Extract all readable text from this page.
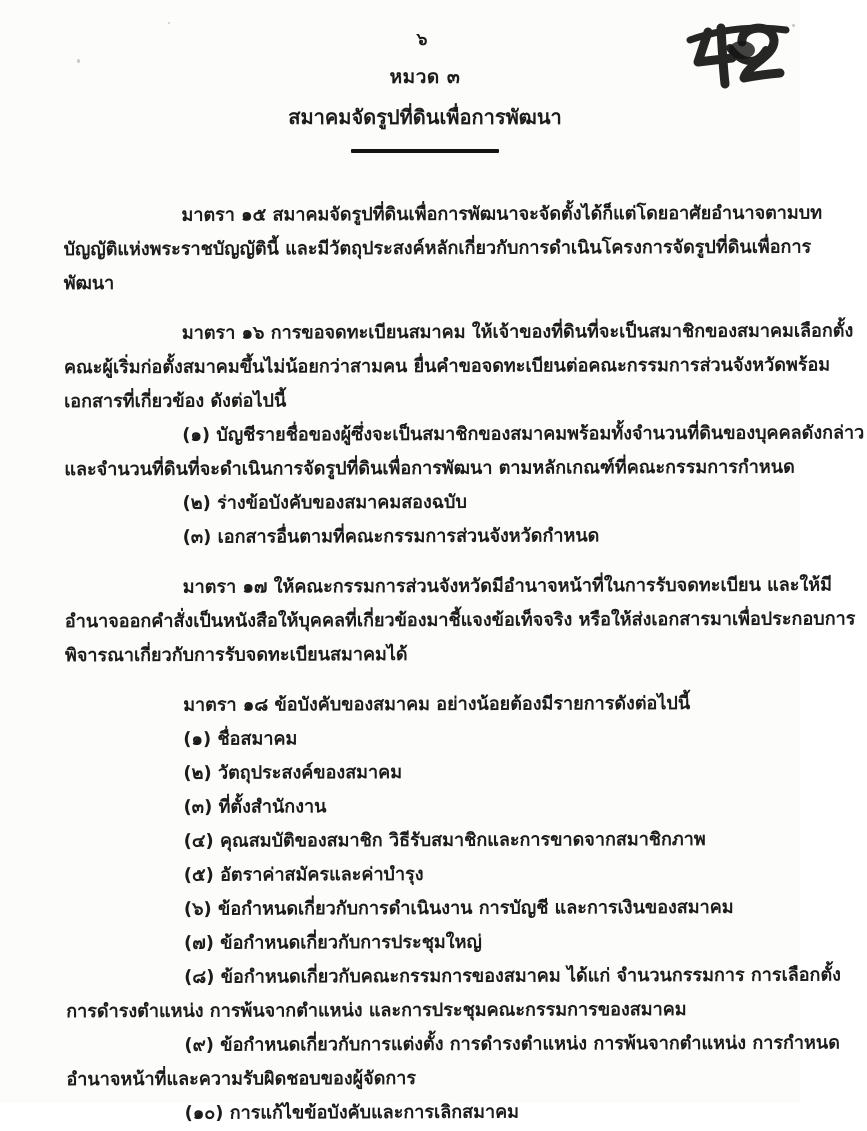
๖
หมวด ๓
สมาคมจัดรูปที่ดินเพื่อการพัฒนา
มาตรา ๑๕ สมาคมจัดรูปที่ดินเพื่อการพัฒนาจะจัดตั้งได้ก็แต่โดยอาศัยอำนาจตามบท
บัญญัติแห่งพระราชบัญญัตินี้ และมีวัตถุประสงค์หลักเกี่ยวกับการดำเนินโครงการจัดรูปที่ดินเพื่อการ
พัฒนา
มาตรา ๑๖ การขอจดทะเบียนสมาคม ให้เจ้าของที่ดินที่จะเป็นสมาชิกของสมาคมเลือกตั้ง
คณะผู้เริ่มก่อตั้งสมาคมขึ้นไม่น้อยกว่าสามคน ยื่นคำขอจดทะเบียนต่อคณะกรรมการส่วนจังหวัดพร้อม
เอกสารที่เกี่ยวข้อง ดังต่อไปนี้
(๑) บัญชีรายชื่อของผู้ซึ่งจะเป็นสมาชิกของสมาคมพร้อมทั้งจำนวนที่ดินของบุคคลดังกล่าว
และจำนวนที่ดินที่จะดำเนินการจัดรูปที่ดินเพื่อการพัฒนา ตามหลักเกณฑ์ที่คณะกรรมการกำหนด
(๒) ร่างข้อบังคับของสมาคมสองฉบับ
(๓) เอกสารอื่นตามที่คณะกรรมการส่วนจังหวัดกำหนด
มาตรา ๑๗ ให้คณะกรรมการส่วนจังหวัดมีอำนาจหน้าที่ในการรับจดทะเบียน และให้มี
อำนาจออกคำสั่งเป็นหนังสือให้บุคคลที่เกี่ยวข้องมาชี้แจงข้อเท็จจริง หรือให้ส่งเอกสารมาเพื่อประกอบการ
พิจารณาเกี่ยวกับการรับจดทะเบียนสมาคมได้
มาตรา ๑๘ ข้อบังคับของสมาคม อย่างน้อยต้องมีรายการดังต่อไปนี้
(๑) ชื่อสมาคม
(๒) วัตถุประสงค์ของสมาคม
(๓) ที่ตั้งสำนักงาน
(๔) คุณสมบัติของสมาชิก วิธีรับสมาชิกและการขาดจากสมาชิกภาพ
(๕) อัตราค่าสมัครและค่าบำรุง
(๖) ข้อกำหนดเกี่ยวกับการดำเนินงาน การบัญชี และการเงินของสมาคม
(๗) ข้อกำหนดเกี่ยวกับการประชุมใหญ่
(๘) ข้อกำหนดเกี่ยวกับคณะกรรมการของสมาคม ได้แก่ จำนวนกรรมการ การเลือกตั้ง
การดำรงตำแหน่ง การพ้นจากตำแหน่ง และการประชุมคณะกรรมการของสมาคม
(๙) ข้อกำหนดเกี่ยวกับการแต่งตั้ง การดำรงตำแหน่ง การพ้นจากตำแหน่ง การกำหนด
อำนาจหน้าที่และความรับผิดชอบของผู้จัดการ
(๑๐) การแก้ไขข้อบังคับและการเลิกสมาคม
